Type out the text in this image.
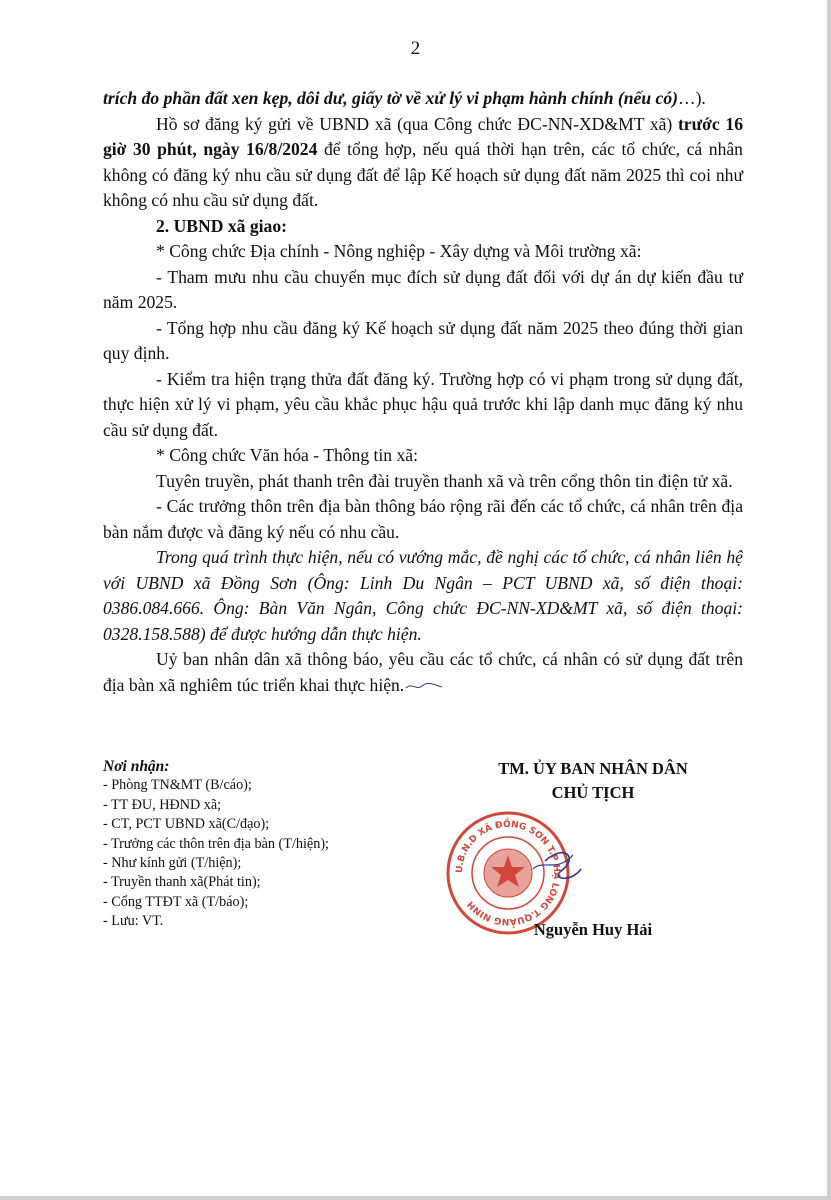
2

trích đo phần đất xen kẹp, dôi dư, giấy tờ về xử lý vi phạm hành chính (nếu có)…).

Hồ sơ đăng ký gửi về UBND xã (qua Công chức ĐC-NN-XD&MT xã) trước 16 giờ 30 phút, ngày 16/8/2024 để tổng hợp, nếu quá thời hạn trên, các tổ chức, cá nhân không có đăng ký nhu cầu sử dụng đất để lập Kế hoạch sử dụng đất năm 2025 thì coi như không có nhu cầu sử dụng đất.

2. UBND xã giao:

* Công chức Địa chính - Nông nghiệp - Xây dựng và Môi trường xã:

- Tham mưu nhu cầu chuyển mục đích sử dụng đất đối với dự án dự kiến đầu tư năm 2025.

- Tổng hợp nhu cầu đăng ký Kế hoạch sử dụng đất năm 2025 theo đúng thời gian quy định.

- Kiểm tra hiện trạng thửa đất đăng ký. Trường hợp có vi phạm trong sử dụng đất, thực hiện xử lý vi phạm, yêu cầu khắc phục hậu quả trước khi lập danh mục đăng ký nhu cầu sử dụng đất.

* Công chức Văn hóa - Thông tin xã:

Tuyên truyền, phát thanh trên đài truyền thanh xã và trên cổng thôn tin điện tử xã.

- Các trưởng thôn trên địa bàn thông báo rộng rãi đến các tổ chức, cá nhân trên địa bàn nắm được và đăng ký nếu có nhu cầu.

Trong quá trình thực hiện, nếu có vướng mắc, đề nghị các tổ chức, cá nhân liên hệ với UBND xã Đồng Sơn (Ông: Linh Du Ngân – PCT UBND xã, số điện thoại: 0386.084.666. Ông: Bàn Văn Ngân, Công chức ĐC-NN-XD&MT xã, số điện thoại: 0328.158.588) để được hướng dẫn thực hiện.

Uỷ ban nhân dân xã thông báo, yêu cầu các tổ chức, cá nhân có sử dụng đất trên địa bàn xã nghiêm túc triển khai thực hiện.

Nơi nhận:
- Phòng TN&MT (B/cáo);
- TT ĐU, HĐND xã;
- CT, PCT UBND xã(C/đạo);
- Trưởng các thôn trên địa bàn (T/hiện);
- Như kính gửi (T/hiện);
- Truyền thanh xã(Phát tin);
- Cổng TTĐT xã (T/báo);
- Lưu: VT.
TM. ỦY BAN NHÂN DÂN
CHỦ TỊCH
U.B.N.D XÃ ĐỒNG SƠN T.P HẠ LONG T.QUẢNG NINH
Nguyễn Huy Hải
